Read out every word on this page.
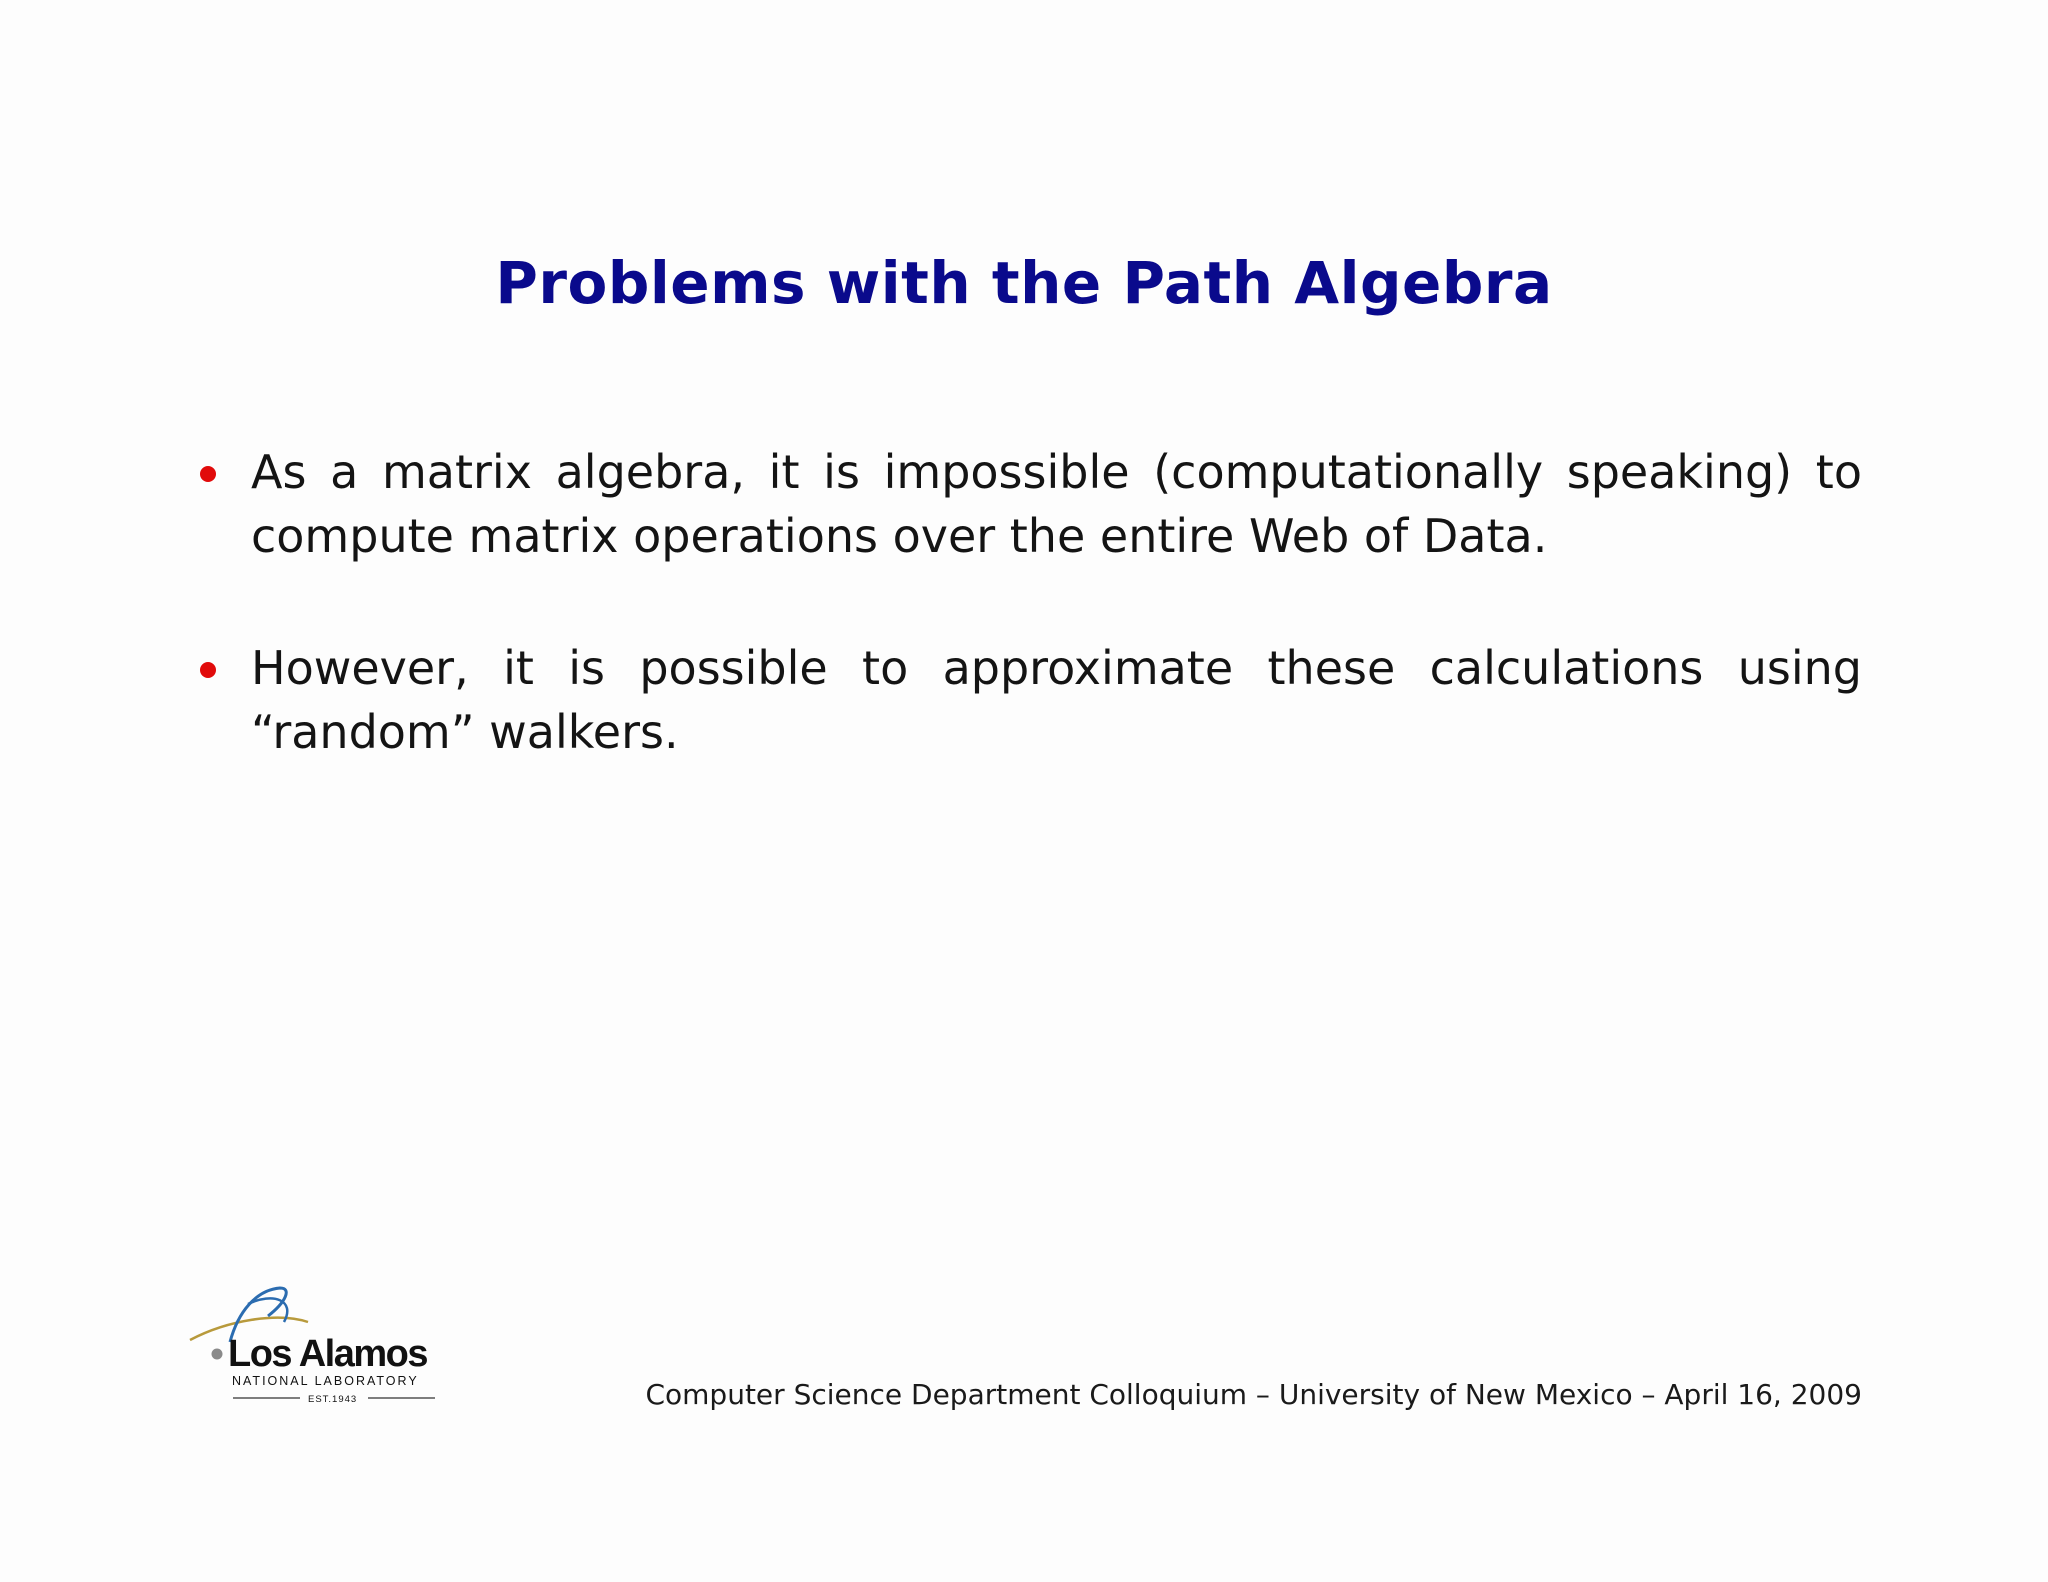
Problems with the Path Algebra
As a matrix algebra, it is impossible (computationally speaking) to compute matrix operations over the entire Web of Data.
However, it is possible to approximate these calculations using “random” walkers.
Los Alamos
NATIONAL LABORATORY
EST.1943	Computer Science Department Colloquium – University of New Mexico – April 16, 2009
